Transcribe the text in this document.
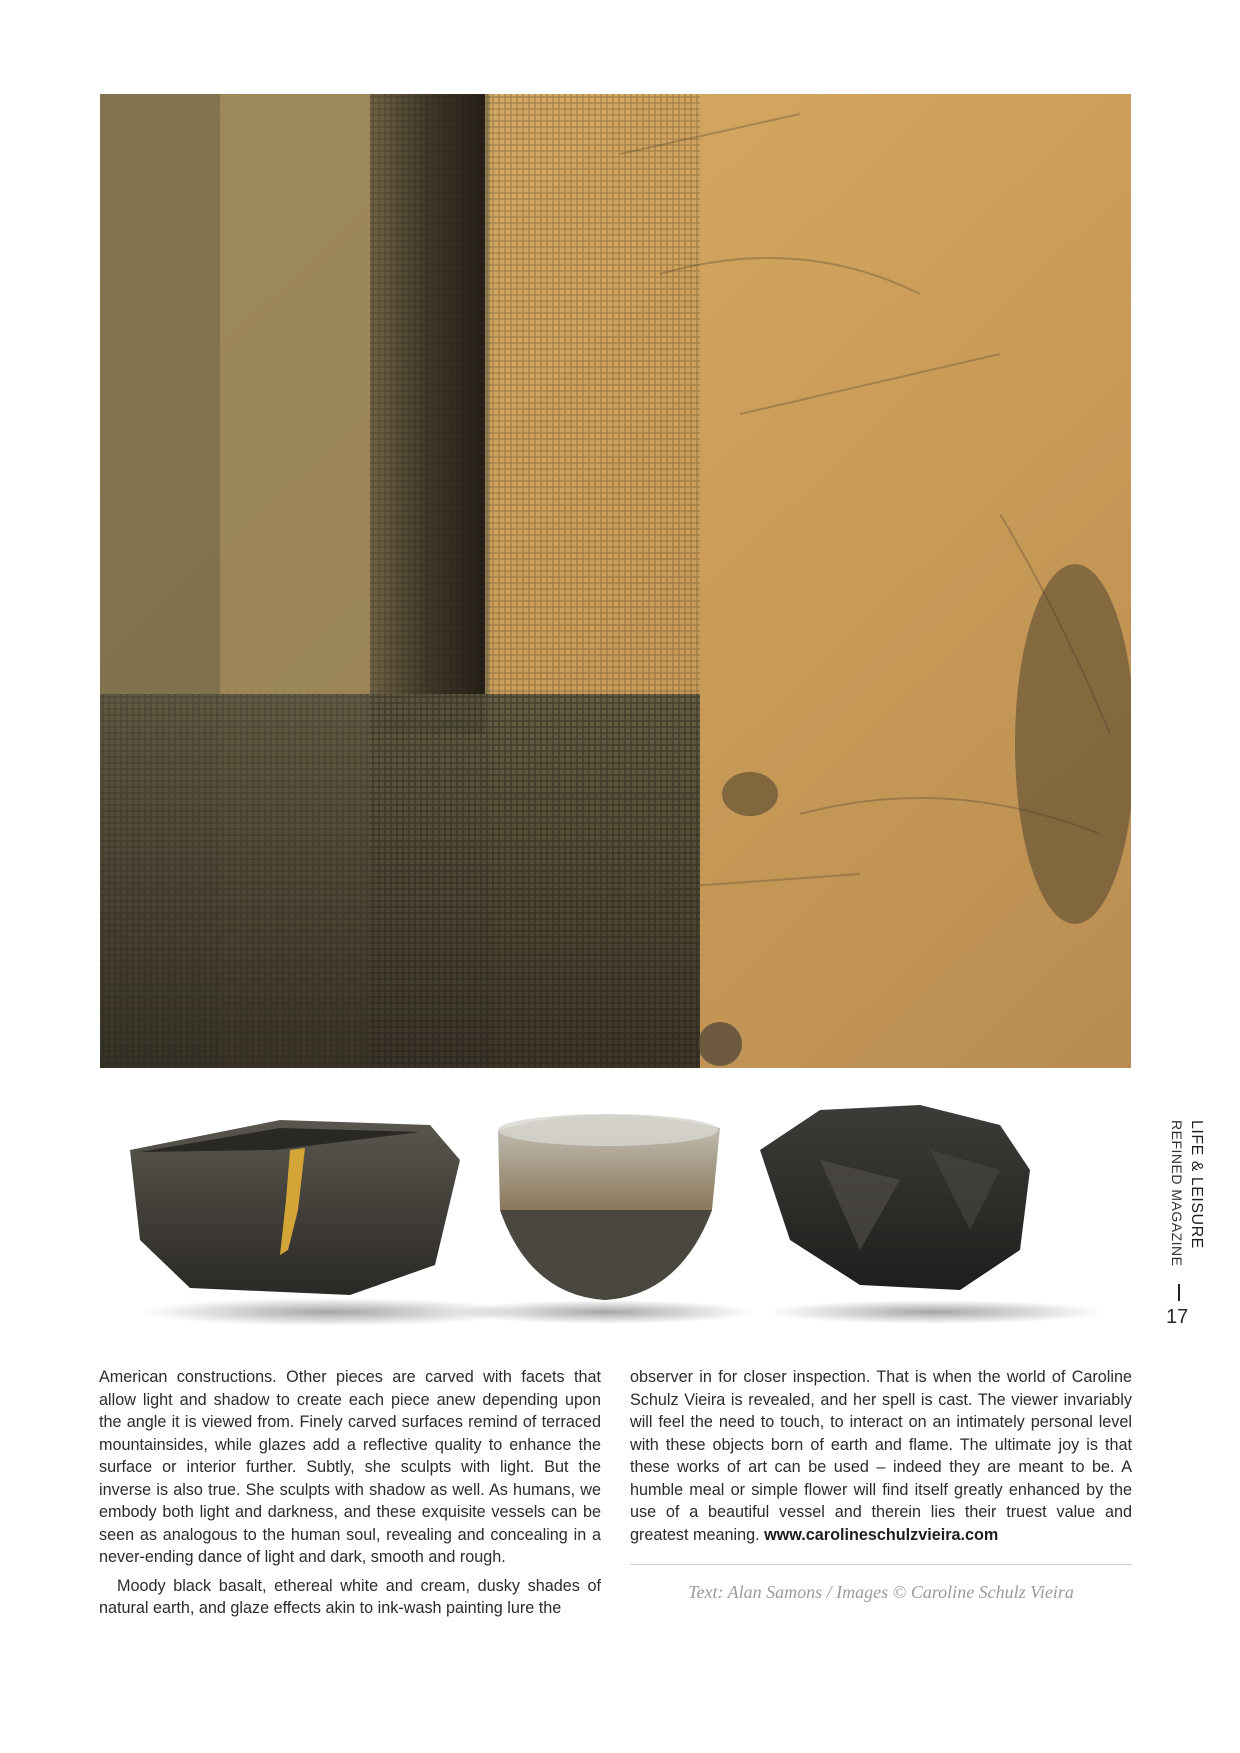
LIFE & LEISURE
REFINED MAGAZINE
17

American constructions. Other pieces are carved with facets that allow light and shadow to create each piece anew depending upon the angle it is viewed from. Finely carved surfaces remind of terraced mountainsides, while glazes add a reflective quality to enhance the surface or interior further. Subtly, she sculpts with light. But the inverse is also true. She sculpts with shadow as well. As humans, we embody both light and darkness, and these exquisite vessels can be seen as analogous to the human soul, revealing and concealing in a never-ending dance of light and dark, smooth and rough.

Moody black basalt, ethereal white and cream, dusky shades of natural earth, and glaze effects akin to ink-wash painting lure the

observer in for closer inspection. That is when the world of Caroline Schulz Vieira is revealed, and her spell is cast. The viewer invariably will feel the need to touch, to interact on an intimately personal level with these objects born of earth and flame. The ultimate joy is that these works of art can be used – indeed they are meant to be. A humble meal or simple flower will find itself greatly enhanced by the use of a beautiful vessel and therein lies their truest value and greatest meaning. www.carolineschulzvieira.com

Text: Alan Samons / Images © Caroline Schulz Vieira
